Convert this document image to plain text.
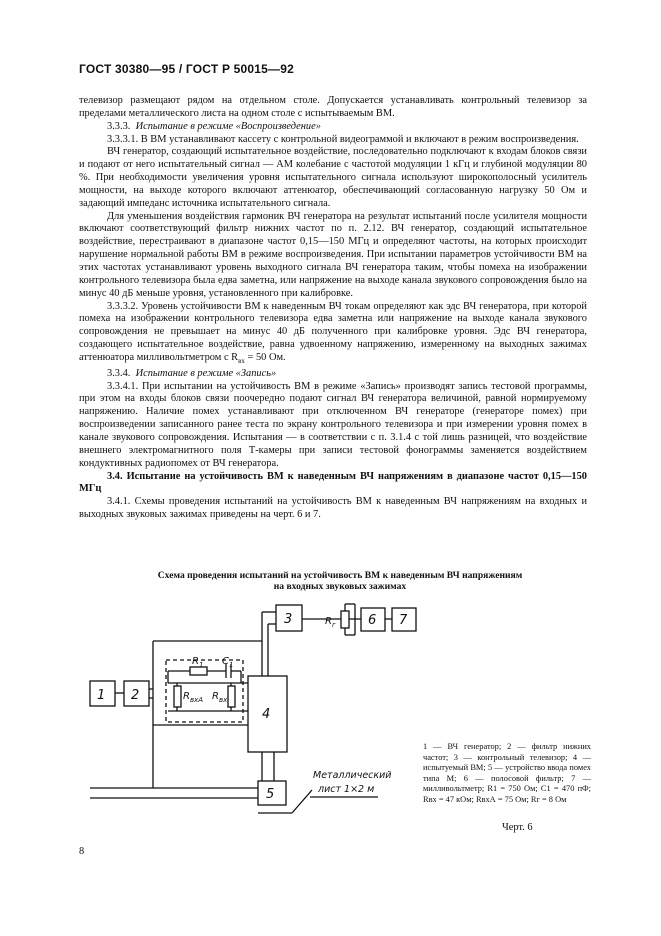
ГОСТ 30380—95 / ГОСТ Р 50015—92

телевизор размещают рядом на отдельном столе. Допускается устанавливать контрольный телевизор за пределами металлического листа на одном столе с испытываемым ВМ.

3.3.3. Испытание в режиме «Воспроизведение»

3.3.3.1. В ВМ устанавливают кассету с контрольной видеограммой и включают в режим воспроизведения.

ВЧ генератор, создающий испытательное воздействие, последовательно подключают к входам блоков связи и подают от него испытательный сигнал — АМ колебание с частотой модуляции 1 кГц и глубиной модуляции 80 %. При необходимости увеличения уровня испытательного сигнала используют широкополосный усилитель мощности, на выходе которого включают аттенюатор, обеспечивающий согласованную нагрузку 50 Ом и задающий импеданс источника испытательного сигнала.

Для уменьшения воздействия гармоник ВЧ генератора на результат испытаний после усилителя мощности включают соответствующий фильтр нижних частот по п. 2.12. ВЧ генератор, создающий испытательное воздействие, перестраивают в диапазоне частот 0,15—150 МГц и определяют частоты, на которых происходит нарушение нормальной работы ВМ в режиме воспроизведения. При испытании параметров устойчивости ВМ на этих частотах устанавливают уровень выходного сигнала ВЧ генератора таким, чтобы помеха на изображении контрольного телевизора была едва заметна, или напряжение на выходе канала звукового сопровождения было на минус 40 дБ меньше уровня, установленного при калибровке.

3.3.3.2. Уровень устойчивости ВМ к наведенным ВЧ токам определяют как эдс ВЧ генератора, при которой помеха на изображении контрольного телевизора едва заметна или напряжение на выходе канала звукового сопровождения не превышает на минус 40 дБ полученного при калибровке уровня. Эдс ВЧ генератора, создающего испытательное воздействие, равна удвоенному напряжению, измеренному на выходных зажимах аттенюатора милливольтметром с $R_{вх} = 50$ Ом.

3.3.4. Испытание в режиме «Запись»

3.3.4.1. При испытании на устойчивость ВМ в режиме «Запись» производят запись тестовой программы, при этом на входы блоков связи поочередно подают сигнал ВЧ генератора величиной, равной нормируемому напряжению. Наличие помех устанавливают при отключенном ВЧ генераторе (генераторе помех) при воспроизведении записанного ранее теста по экрану контрольного телевизора и при измерении уровня помех в канале звукового сопровождения. Испытания — в соответствии с п. 3.1.4 с той лишь разницей, что воздействие внешнего электромагнитного поля Т-камеры при записи тестовой фонограммы заменяется воздействием кондуктивных радиопомех от ВЧ генератора.

3.4. Испытание на устойчивость ВМ к наведенным ВЧ напряжениям в диапазоне частот 0,15—150 МГц

3.4.1. Схемы проведения испытаний на устойчивость ВМ к наведенным ВЧ напряжениям на входных и выходных звуковых зажимах приведены на черт. 6 и 7.

Схема проведения испытаний на устойчивость ВМ к наведенным ВЧ напряжениям
на входных звуковых зажимах
1 2
3
4
5
6 7
$R_г$
$R_1$ $C_1$
$R_{вхА}$ $R_{вх}$
Металлический
лист 1×2 м
1 — ВЧ генератор; 2 — фильтр нижних частот; 3 — контрольный телевизор; 4 — испытуемый ВМ; 5 — устройство ввода помех типа М; 6 — полосовой фильтр; 7 — милливольтметр; R1 = 750 Ом; C1 = 470 пФ; Rвх = 47 кОм; RвхА = 75 Ом; Rг = 8 Ом
Черт. 6
8
